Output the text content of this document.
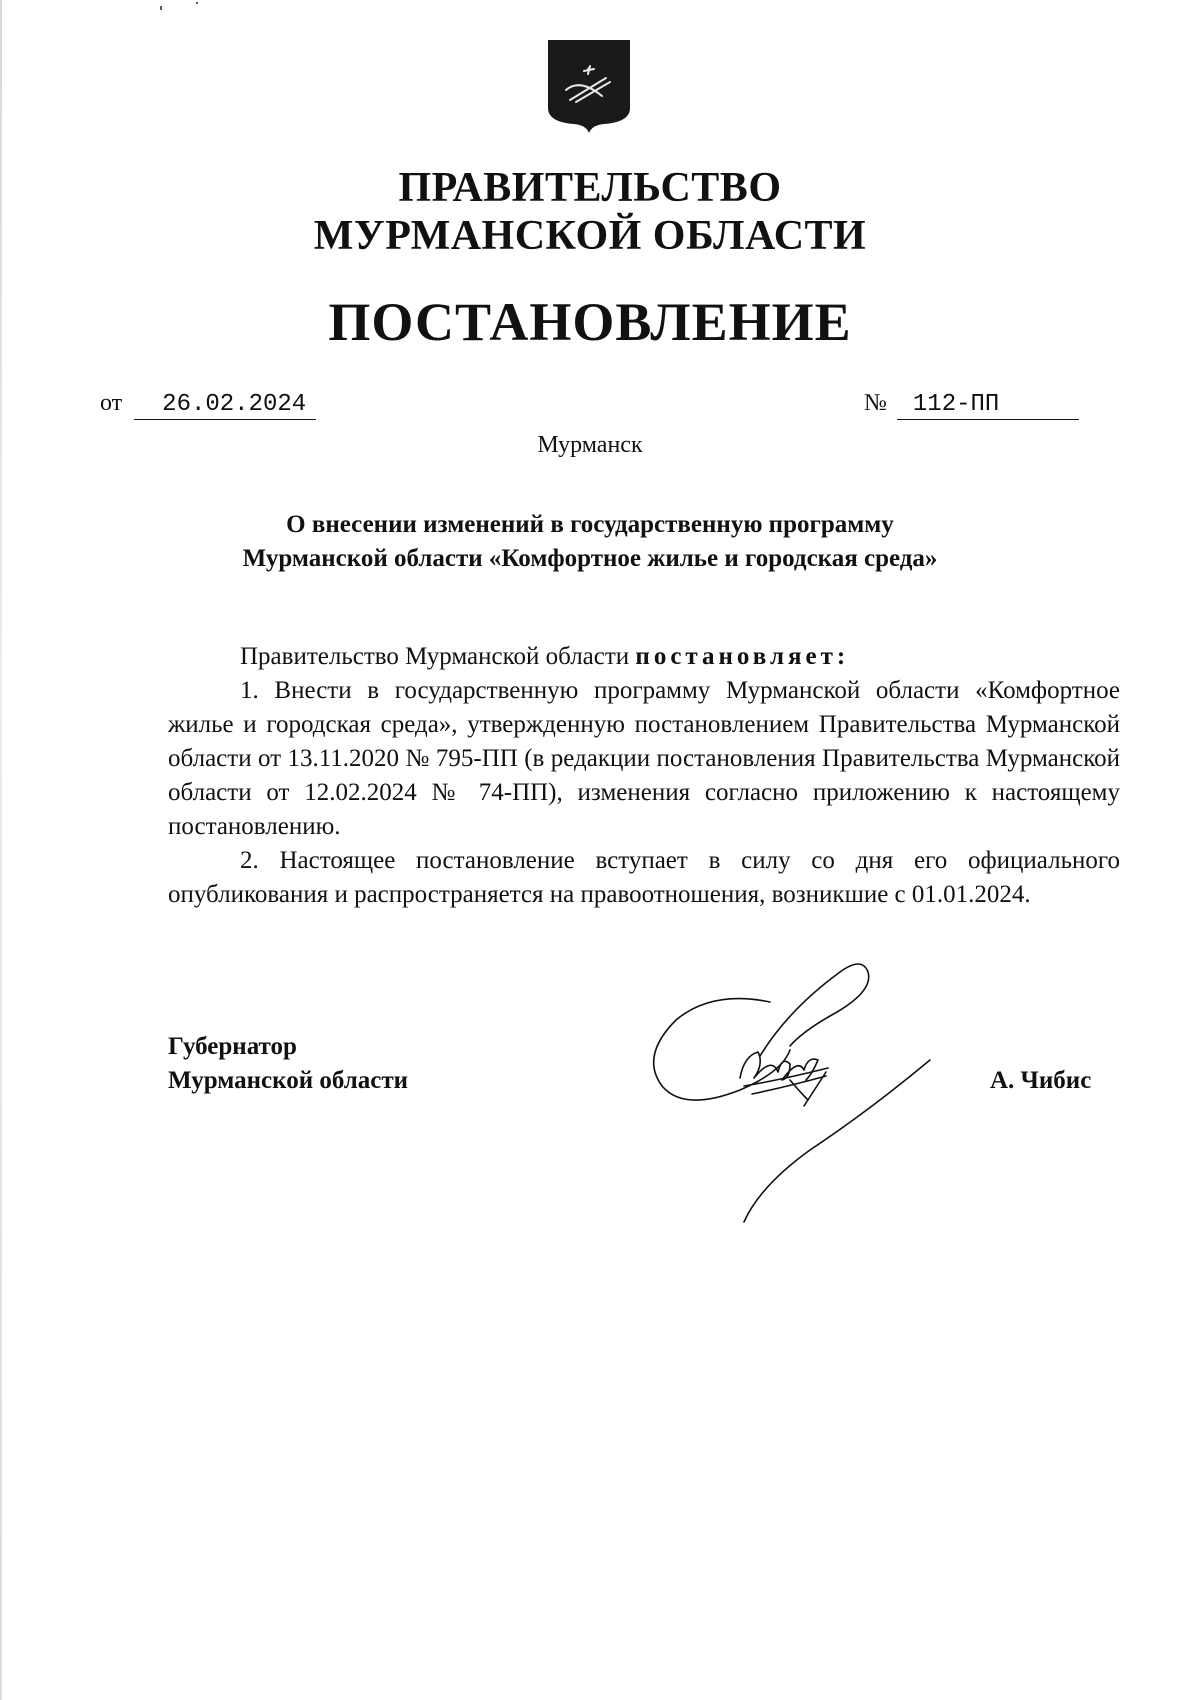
ПРАВИТЕЛЬСТВО
МУРМАНСКОЙ ОБЛАСТИ
ПОСТАНОВЛЕНИЕ
от 26.02.2024	№ 112-ПП
Мурманск
О внесении изменений в государственную программу
Мурманской области «Комфортное жилье и городская среда»

Правительство Мурманской области постановляет:

1. Внести в государственную программу Мурманской области «Комфортное жилье и городская среда», утвержденную постановлением Правительства Мурманской области от 13.11.2020 № 795-ПП (в редакции постановления Правительства Мурманской области от 12.02.2024 № 74-ПП), изменения согласно приложению к настоящему постановлению.

2. Настоящее постановление вступает в силу со дня его официального опубликования и распространяется на правоотношения, возникшие с 01.01.2024.

Губернатор
Мурманской области	А. Чибис
